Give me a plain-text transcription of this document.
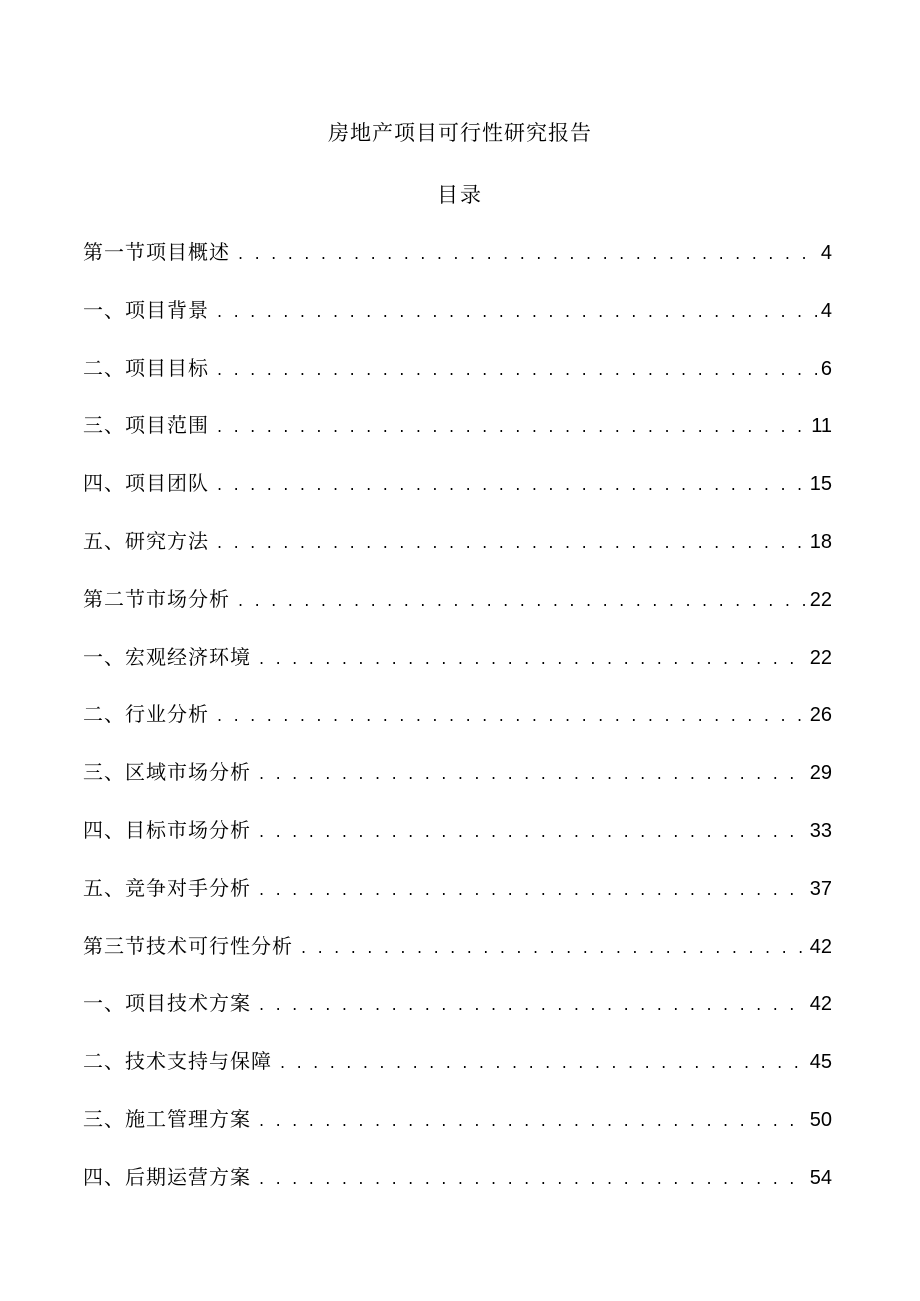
房地产项目可行性研究报告
目录
第一节项目概述 . . .	4
一、项目背景 . . .	4
二、项目目标 . . .	6
三、项目范围 . . .	11
四、项目团队 . . .	15
五、研究方法 . . .	18
第二节市场分析 . . .	22
一、宏观经济环境 . . .	22
二、行业分析 . . .	26
三、区域市场分析 . . .	29
四、目标市场分析 . . .	33
五、竞争对手分析 . . .	37
第三节技术可行性分析 . . .	42
一、项目技术方案 . . .	42
二、技术支持与保障 . . .	45
三、施工管理方案 . . .	50
四、后期运营方案 . . .	54
